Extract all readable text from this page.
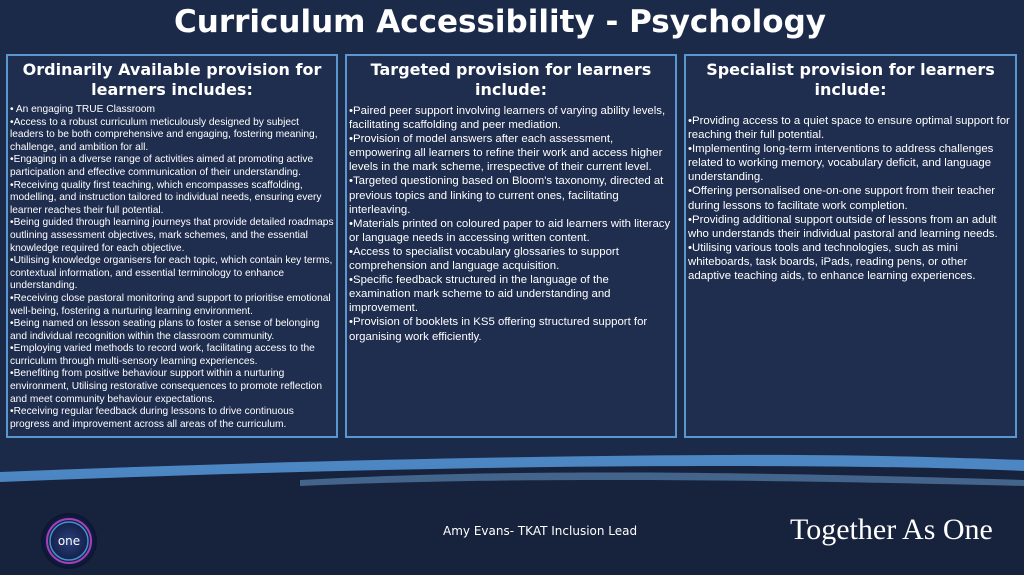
Curriculum Accessibility - Psychology
Ordinarily Available provision for learners includes:
• An engaging TRUE Classroom
•Access to a robust curriculum meticulously designed by subject leaders to be both comprehensive and engaging, fostering meaning, challenge, and ambition for all.
•Engaging in a diverse range of activities aimed at promoting active participation and effective communication of their understanding.
•Receiving quality first teaching, which encompasses scaffolding, modelling, and instruction tailored to individual needs, ensuring every learner reaches their full potential.
•Being guided through learning journeys that provide detailed roadmaps outlining assessment objectives, mark schemes, and the essential knowledge required for each objective.
•Utilising knowledge organisers for each topic, which contain key terms, contextual information, and essential terminology to enhance understanding.
•Receiving close pastoral monitoring and support to prioritise emotional well-being, fostering a nurturing learning environment.
•Being named on lesson seating plans to foster a sense of belonging and individual recognition within the classroom community.
•Employing varied methods to record work, facilitating access to the curriculum through multi-sensory learning experiences.
•Benefiting from positive behaviour support within a nurturing environment, Utilising restorative consequences to promote reflection and meet community behaviour expectations.
•Receiving regular feedback during lessons to drive continuous progress and improvement across all areas of the curriculum.
Targeted provision for learners include:
•Paired peer support involving learners of varying ability levels, facilitating scaffolding and peer mediation.
•Provision of model answers after each assessment, empowering all learners to refine their work and access higher levels in the mark scheme, irrespective of their current level.
•Targeted questioning based on Bloom's taxonomy, directed at previous topics and linking to current ones, facilitating interleaving.
•Materials printed on coloured paper to aid learners with literacy or language needs in accessing written content.
•Access to specialist vocabulary glossaries to support comprehension and language acquisition.
•Specific feedback structured in the language of the examination mark scheme to aid understanding and improvement.
•Provision of booklets in KS5 offering structured support for organising work efficiently.
Specialist provision for learners include:
•Providing access to a quiet space to ensure optimal support for reaching their full potential.
•Implementing long-term interventions to address challenges related to working memory, vocabulary deficit, and language understanding.
•Offering personalised one-on-one support from their teacher during lessons to facilitate work completion.
•Providing additional support outside of lessons from an adult who understands their individual pastoral and learning needs.
•Utilising various tools and technologies, such as mini whiteboards, task boards, iPads, reading pens, or other adaptive teaching aids, to enhance learning experiences.
one
Amy Evans- TKAT Inclusion Lead	Together As One
